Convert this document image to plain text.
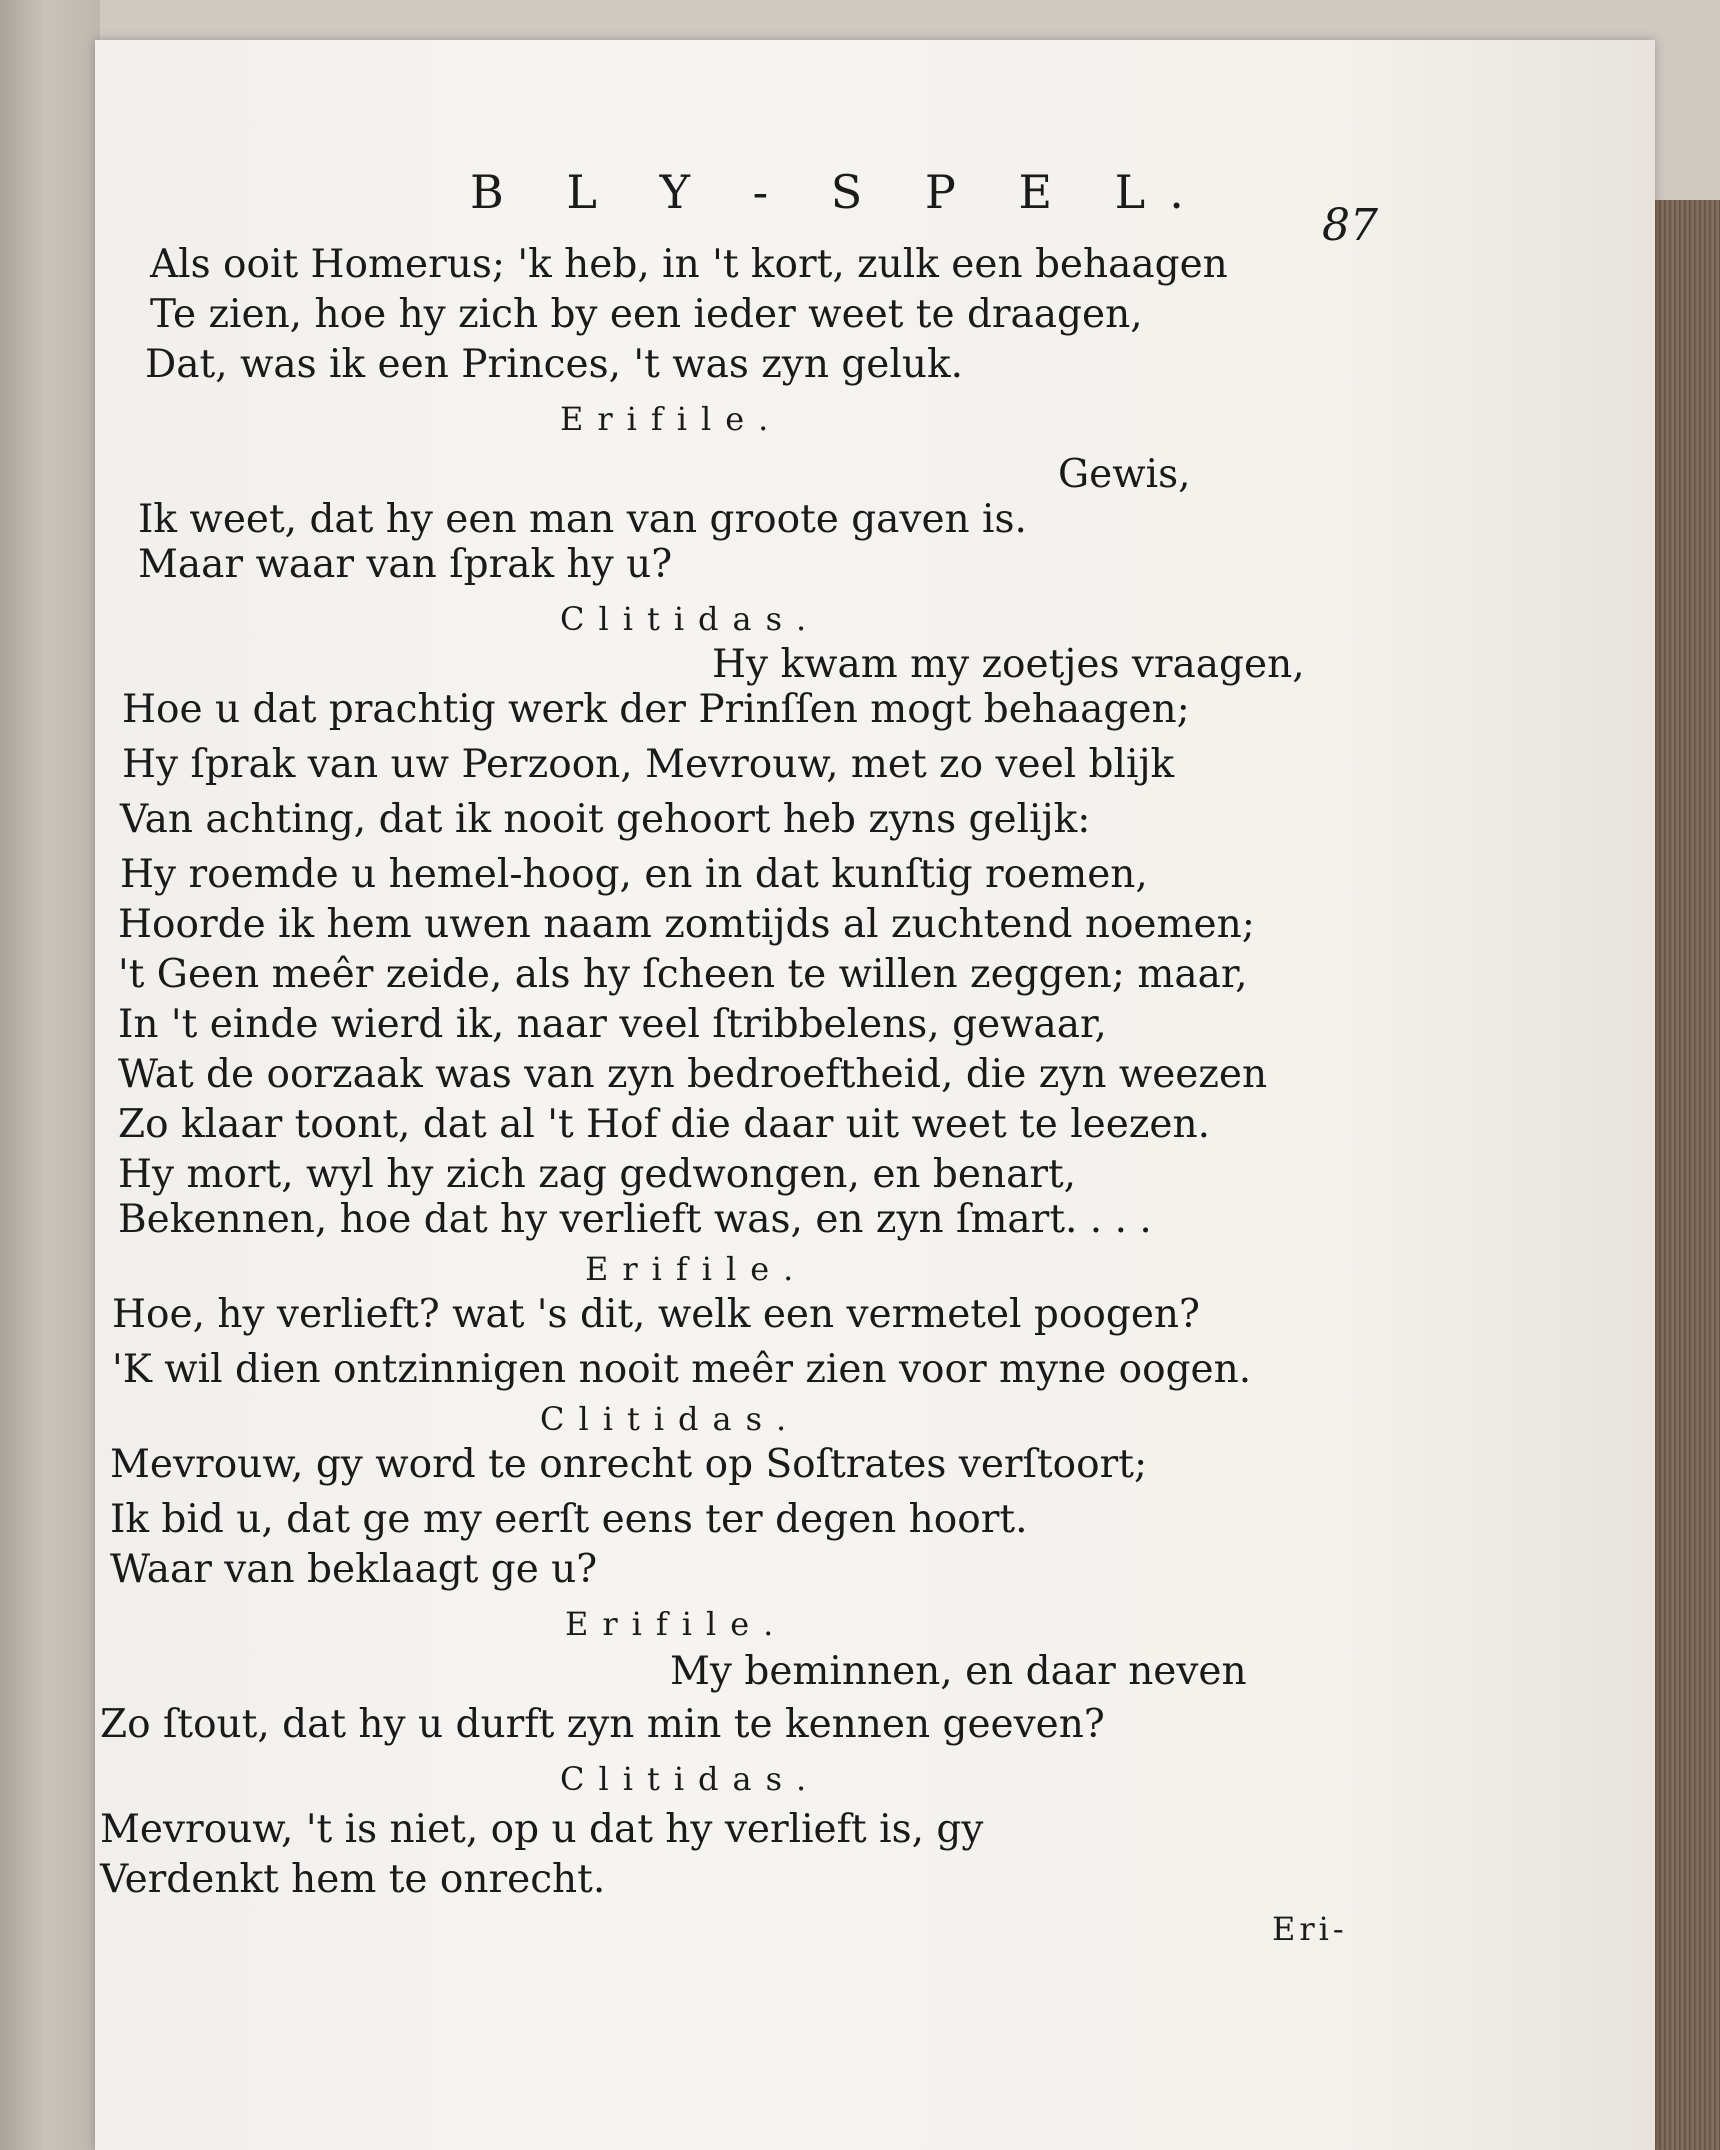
B L Y - S P E L.
87
Als ooit Homerus; 'k heb, in 't kort, zulk een behaagen
Te zien, hoe hy zich by een ieder weet te draagen,
Dat, was ik een Princes, 't was zyn geluk.
Erifile.
Gewis,
Ik weet, dat hy een man van groote gaven is.
Maar waar van ſprak hy u?
Clitidas.
Hy kwam my zoetjes vraagen,
Hoe u dat prachtig werk der Prinſſen mogt behaagen;
Hy ſprak van uw Perzoon, Mevrouw, met zo veel blijk
Van achting, dat ik nooit gehoort heb zyns gelijk:
Hy roemde u hemel-hoog, en in dat kunſtig roemen,
Hoorde ik hem uwen naam zomtijds al zuchtend noemen;
't Geen meêr zeide, als hy ſcheen te willen zeggen; maar,
In 't einde wierd ik, naar veel ſtribbelens, gewaar,
Wat de oorzaak was van zyn bedroeftheid, die zyn weezen
Zo klaar toont, dat al 't Hof die daar uit weet te leezen.
Hy mort, wyl hy zich zag gedwongen, en benart,
Bekennen, hoe dat hy verlieft was, en zyn ſmart. . . .
Erifile.
Hoe, hy verlieft? wat 's dit, welk een vermetel poogen?
'K wil dien ontzinnigen nooit meêr zien voor myne oogen.
Clitidas.
Mevrouw, gy word te onrecht op Soſtrates verſtoort;
Ik bid u, dat ge my eerſt eens ter degen hoort.
Waar van beklaagt ge u?
Erifile.
My beminnen, en daar neven
Zo ſtout, dat hy u durft zyn min te kennen geeven?
Clitidas.
Mevrouw, 't is niet, op u dat hy verlieft is, gy
Verdenkt hem te onrecht.
Eri-
